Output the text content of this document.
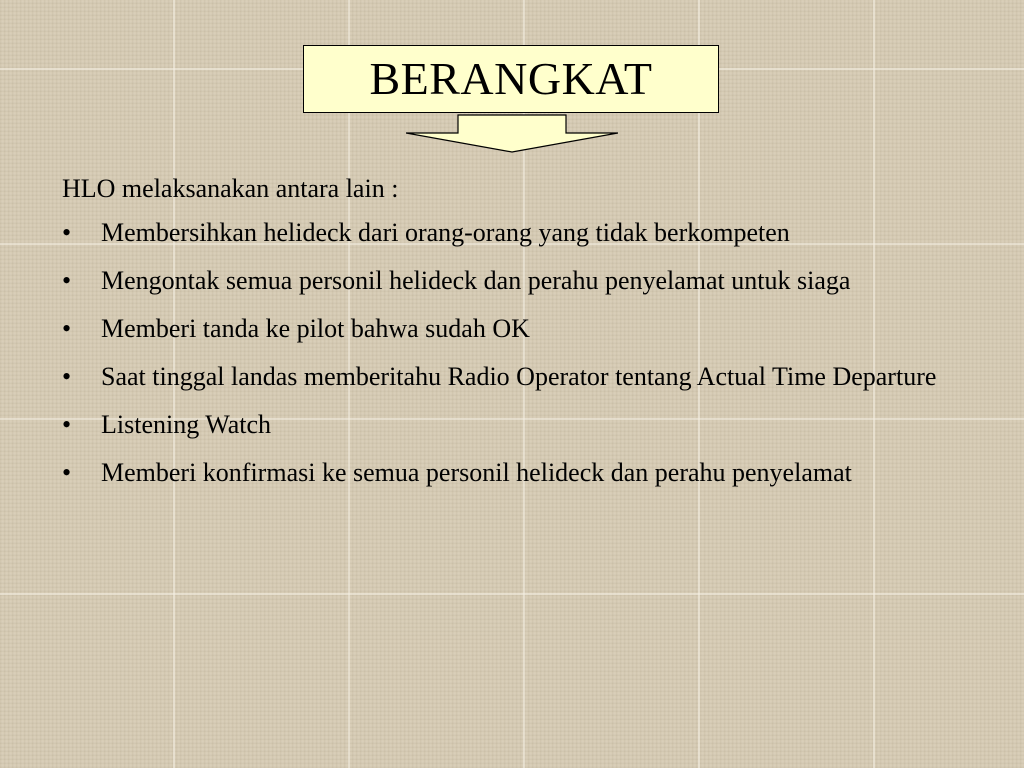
BERANGKAT
HLO melaksanakan antara lain :
•	Membersihkan helideck dari orang-orang yang tidak berkompeten
•	Mengontak semua personil helideck dan perahu penyelamat untuk siaga
•	Memberi tanda ke pilot bahwa sudah OK
•	Saat tinggal landas memberitahu Radio Operator tentang Actual Time Departure
•	Listening Watch
•	Memberi konfirmasi ke semua personil helideck dan perahu penyelamat
